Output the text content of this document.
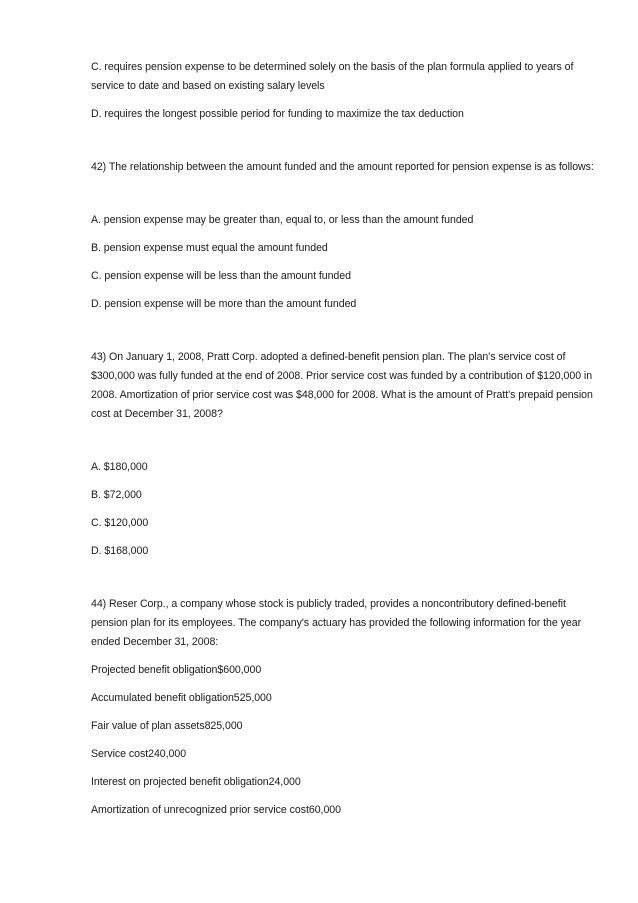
C. requires pension expense to be determined solely on the basis of the plan formula applied to years of service to date and based on existing salary levels

D. requires the longest possible period for funding to maximize the tax deduction

42) The relationship between the amount funded and the amount reported for pension expense is as follows:

A. pension expense may be greater than, equal to, or less than the amount funded

B. pension expense must equal the amount funded

C. pension expense will be less than the amount funded

D. pension expense will be more than the amount funded

43) On January 1, 2008, Pratt Corp. adopted a defined-benefit pension plan. The plan's service cost of $300,000 was fully funded at the end of 2008. Prior service cost was funded by a contribution of $120,000 in 2008. Amortization of prior service cost was $48,000 for 2008. What is the amount of Pratt's prepaid pension cost at December 31, 2008?

A. $180,000

B. $72,000

C. $120,000

D. $168,000

44) Reser Corp., a company whose stock is publicly traded, provides a noncontributory defined-benefit pension plan for its employees. The company's actuary has provided the following information for the year ended December 31, 2008:

Projected benefit obligation$600,000

Accumulated benefit obligation525,000

Fair value of plan assets825,000

Service cost240,000

Interest on projected benefit obligation24,000

Amortization of unrecognized prior service cost60,000
